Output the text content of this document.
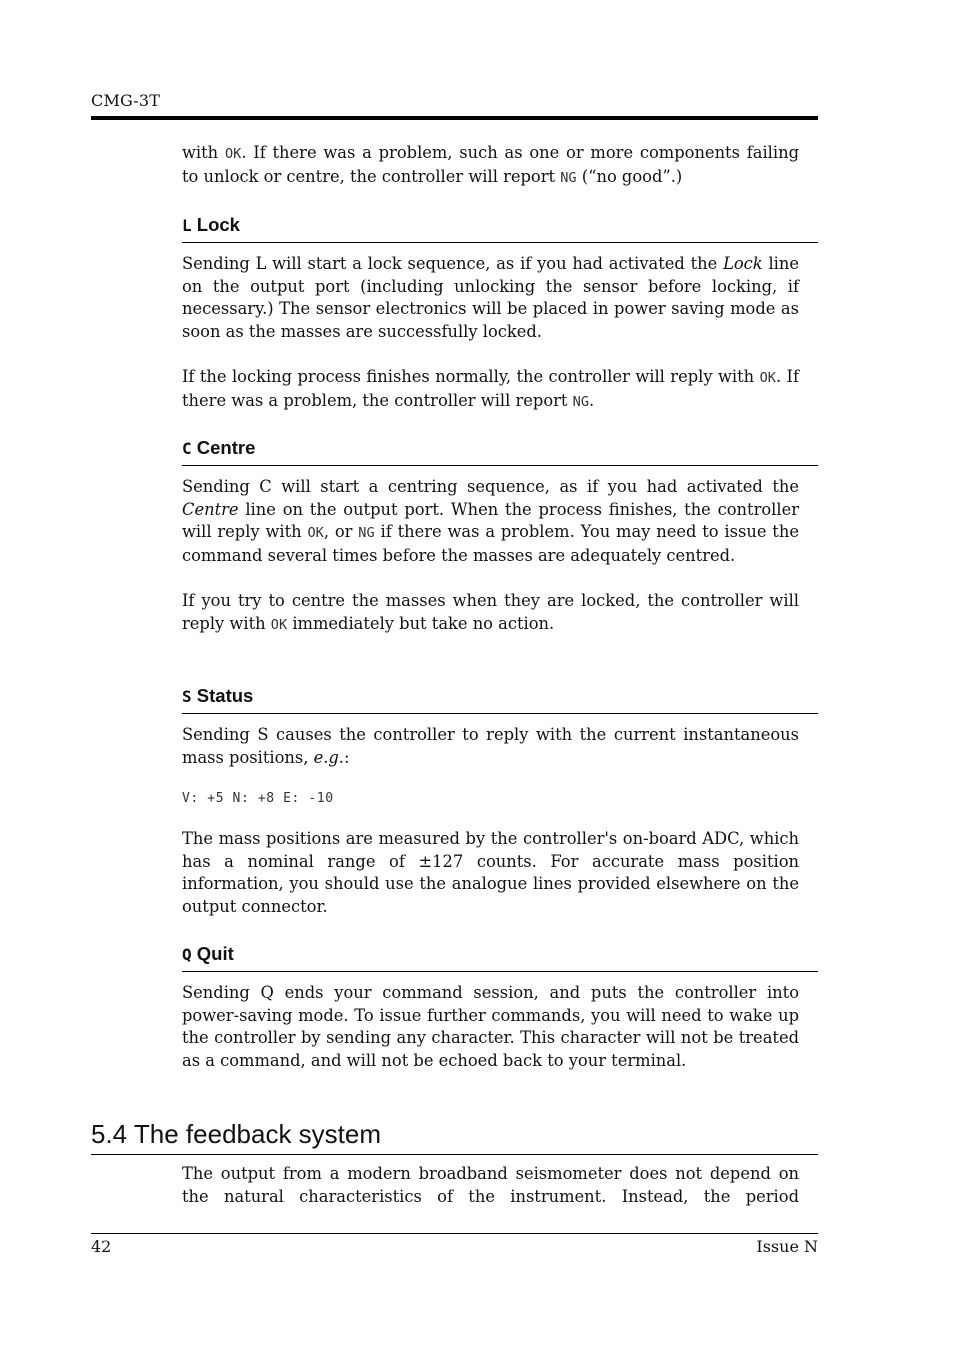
CMG-3T

with OK. If there was a problem, such as one or more components failing to unlock or centre, the controller will report NG (“no good”.)

L Lock

Sending L will start a lock sequence, as if you had activated the Lock line on the output port (including unlocking the sensor before locking, if necessary.) The sensor electronics will be placed in power saving mode as soon as the masses are successfully locked.

If the locking process finishes normally, the controller will reply with OK. If there was a problem, the controller will report NG.

C Centre

Sending C will start a centring sequence, as if you had activated the Centre line on the output port. When the process finishes, the controller will reply with OK, or NG if there was a problem. You may need to issue the command several times before the masses are adequately centred.

If you try to centre the masses when they are locked, the controller will reply with OK immediately but take no action.

S Status

Sending S causes the controller to reply with the current instantaneous mass positions, e.g.:

V: +5 N: +8 E: -10

The mass positions are measured by the controller's on-board ADC, which has a nominal range of ±127 counts. For accurate mass position information, you should use the analogue lines provided elsewhere on the output connector.

Q Quit

Sending Q ends your command session, and puts the controller into power-saving mode. To issue further commands, you will need to wake up the controller by sending any character. This character will not be treated as a command, and will not be echoed back to your terminal.

5.4 The feedback system

The output from a modern broadband seismometer does not depend on the natural characteristics of the instrument. Instead, the period

42	Issue N
